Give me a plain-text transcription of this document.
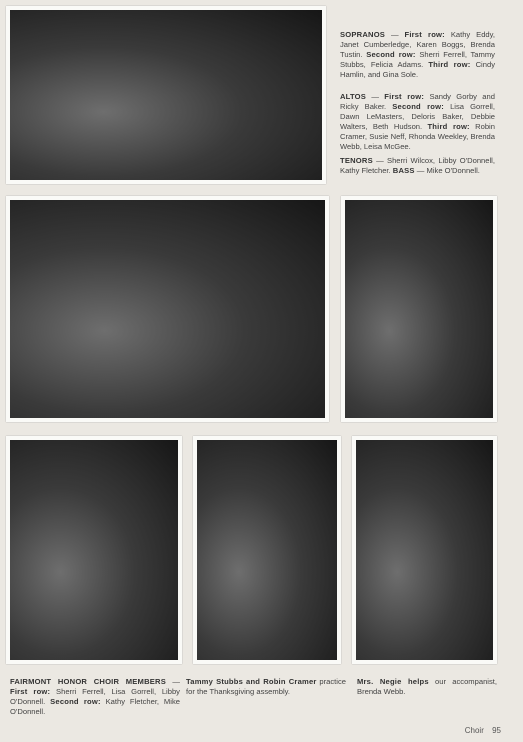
SOPRANOS — First row: Kathy Eddy, Janet Cumberledge, Karen Boggs, Brenda Tustin. Second row: Sherri Ferrell, Tammy Stubbs, Felicia Adams. Third row: Cindy Hamlin, and Gina Sole.
ALTOS — First row: Sandy Gorby and Ricky Baker. Second row: Lisa Gorrell, Dawn LeMasters, Deloris Baker, Debbie Walters, Beth Hudson. Third row: Robin Cramer, Susie Neff, Rhonda Weekley, Brenda Webb, Leisa McGee.
TENORS — Sherri Wilcox, Libby O'Donnell, Kathy Fletcher. BASS — Mike O'Donnell.
FAIRMONT HONOR CHOIR MEMBERS — First row: Sherri Ferrell, Lisa Gorrell, Libby O'Donnell. Second row: Kathy Fletcher, Mike O'Donnell.
Tammy Stubbs and Robin Cramer practice for the Thanksgiving assembly.
Mrs. Negie helps our accompanist, Brenda Webb.
Choir 95
